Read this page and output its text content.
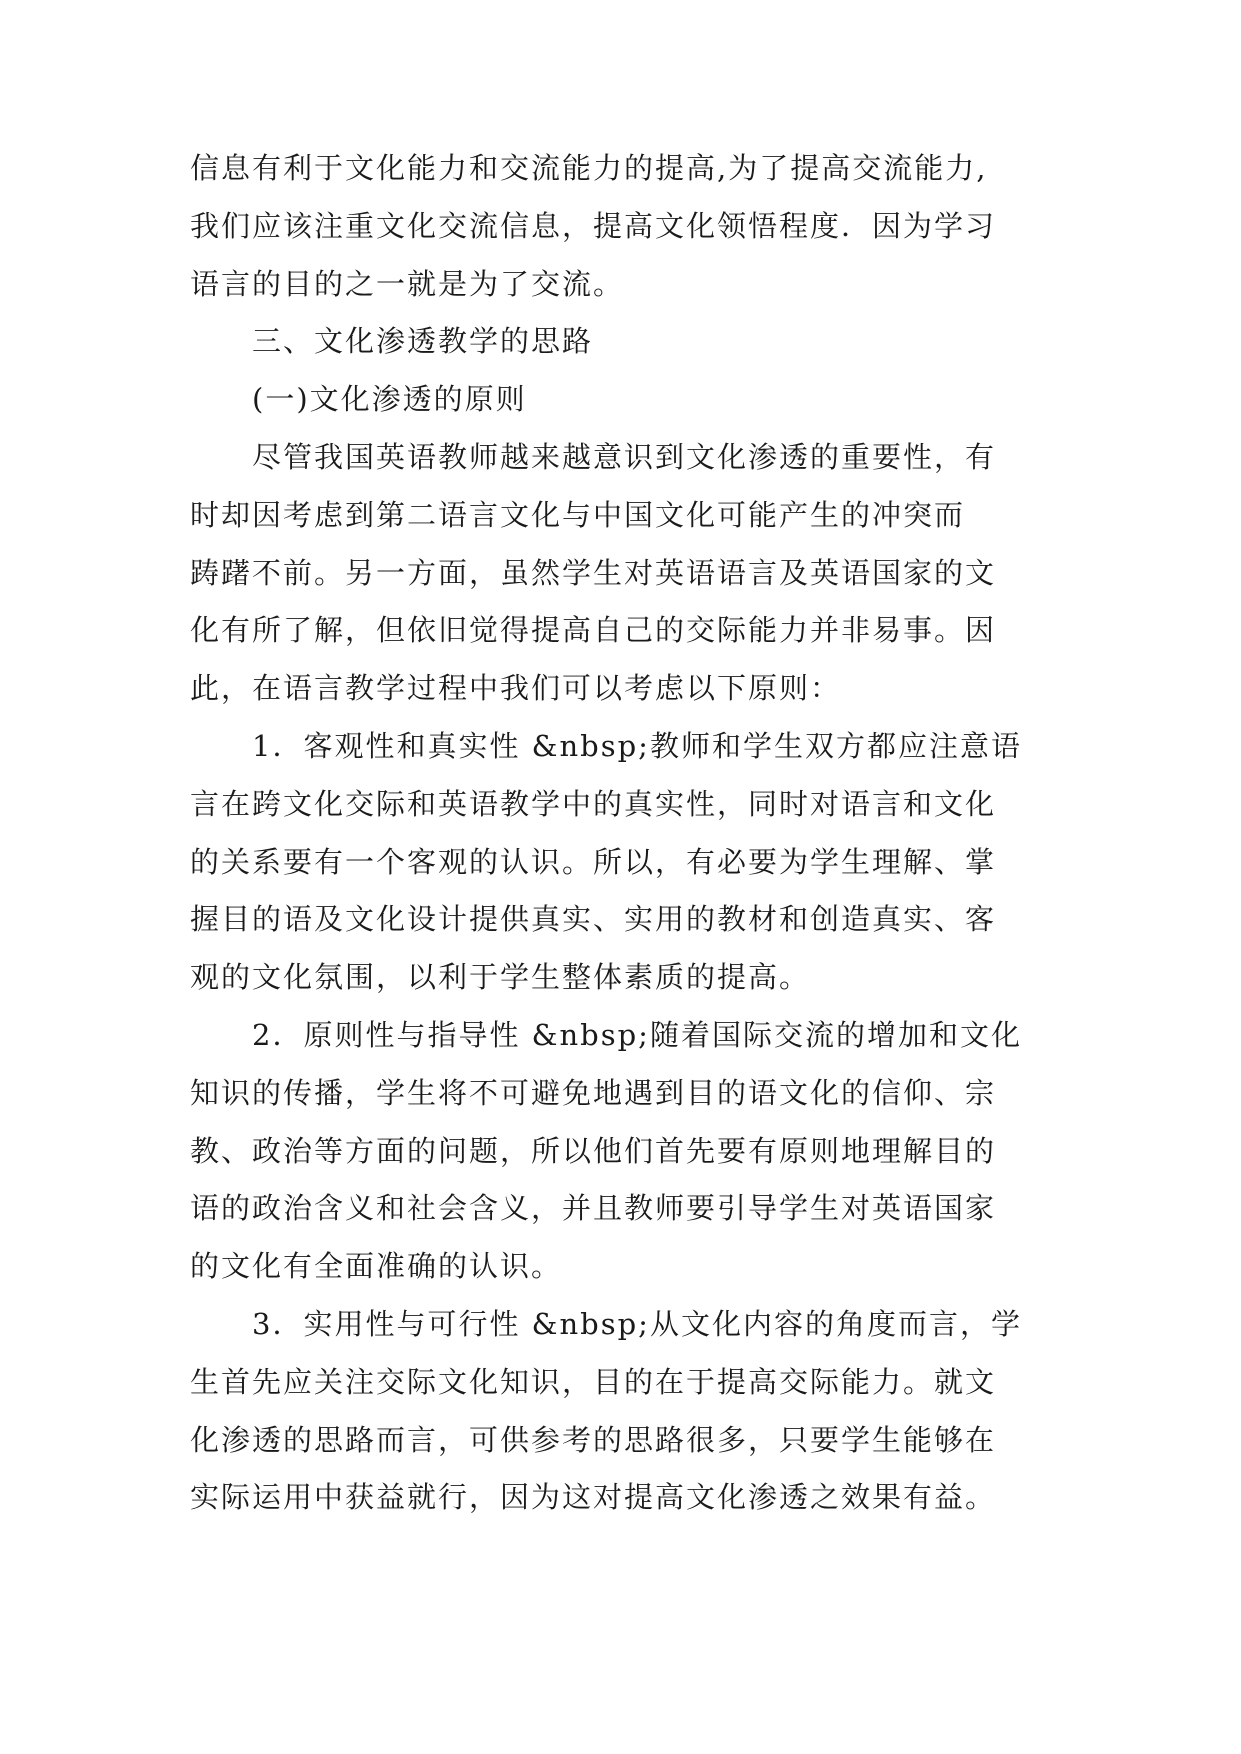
信息有利于文化能力和交流能力的提高,为了提高交流能力,
我们应该注重文化交流信息，提高文化领悟程度．因为学习
语言的目的之一就是为了交流。
三、文化渗透教学的思路
(一)文化渗透的原则
尽管我国英语教师越来越意识到文化渗透的重要性，有
时却因考虑到第二语言文化与中国文化可能产生的冲突而
踌躇不前。另一方面，虽然学生对英语语言及英语国家的文
化有所了解，但依旧觉得提高自己的交际能力并非易事。因
此，在语言教学过程中我们可以考虑以下原则：
1．客观性和真实性 &nbsp;教师和学生双方都应注意语
言在跨文化交际和英语教学中的真实性，同时对语言和文化
的关系要有一个客观的认识。所以，有必要为学生理解、掌
握目的语及文化设计提供真实、实用的教材和创造真实、客
观的文化氛围，以利于学生整体素质的提高。
2．原则性与指导性 &nbsp;随着国际交流的增加和文化
知识的传播，学生将不可避免地遇到目的语文化的信仰、宗
教、政治等方面的问题，所以他们首先要有原则地理解目的
语的政治含义和社会含义，并且教师要引导学生对英语国家
的文化有全面准确的认识。
3．实用性与可行性 &nbsp;从文化内容的角度而言，学
生首先应关注交际文化知识，目的在于提高交际能力。就文
化渗透的思路而言，可供参考的思路很多，只要学生能够在
实际运用中获益就行，因为这对提高文化渗透之效果有益。
